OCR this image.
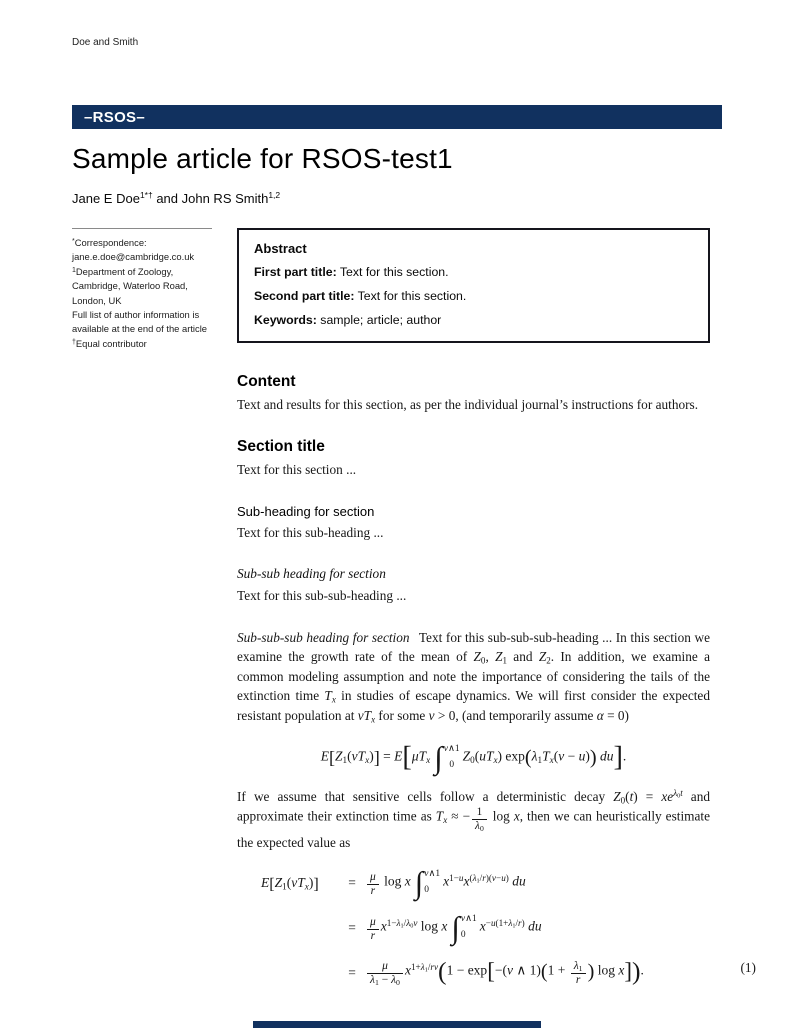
Doe and Smith
–RSOS–
Sample article for RSOS-test1
Jane E Doe$^{1*\dagger}$ and John RS Smith$^{1,2}$
*Correspondence:
jane.e.doe@cambridge.co.uk
$^1$Department of Zoology,
Cambridge, Waterloo Road,
London, UK
Full list of author information is
available at the end of the article
†Equal contributor
Abstract
First part title: Text for this section.
Second part title: Text for this section.
Keywords: sample; article; author
Content

Text and results for this section, as per the individual journal’s instructions for authors.

Section title

Text for this section ...

Sub-heading for section

Text for this sub-heading ...

Sub-sub heading for section

Text for this sub-sub-heading ...

Sub-sub-sub heading for section Text for this sub-sub-sub-heading ... In this section we examine the growth rate of the mean of $Z_0$, $Z_1$ and $Z_2$. In addition, we examine a common modeling assumption and note the importance of considering the tails of the extinction time $T_x$ in studies of escape dynamics. We will first consider the expected resistant population at $vT_x$ for some v > 0, (and temporarily assume α = 0)

$E[Z_1(vT_x)] = E[\mu T_x$ ∫ v∧1
0
$Z_0(uT_x) \exp(\lambda_1T_x(v - u))$ du].

If we assume that sensitive cells follow a deterministic decay $Z_0(t) = xe^{\lambda_0t}$ and approximate their extinction time as $T_x$ ≈ − $\frac{1}{\lambda_0}$ log x, then we can heuristically estimate the expected value as

$E[Z_1(vT_x)]$	= $\frac{\mu}{r}$ log x ∫ v∧1
0
$x^{1-u}x^{(\lambda_1/r)(v-u)}$ du
= $\frac{\mu}{r} x^{1-\lambda_1/\lambda_0v}$ log x ∫ v∧1
0
$x^{-u(1+\lambda_1/r)}$ du
= $\frac{\mu}{\lambda_1 - \lambda_0} x^{1+\lambda_1/rv}(1 - \exp[-(v$ ∧ $1)(1 + \frac{\lambda_1}{r}$ ) log x]).	(1)
